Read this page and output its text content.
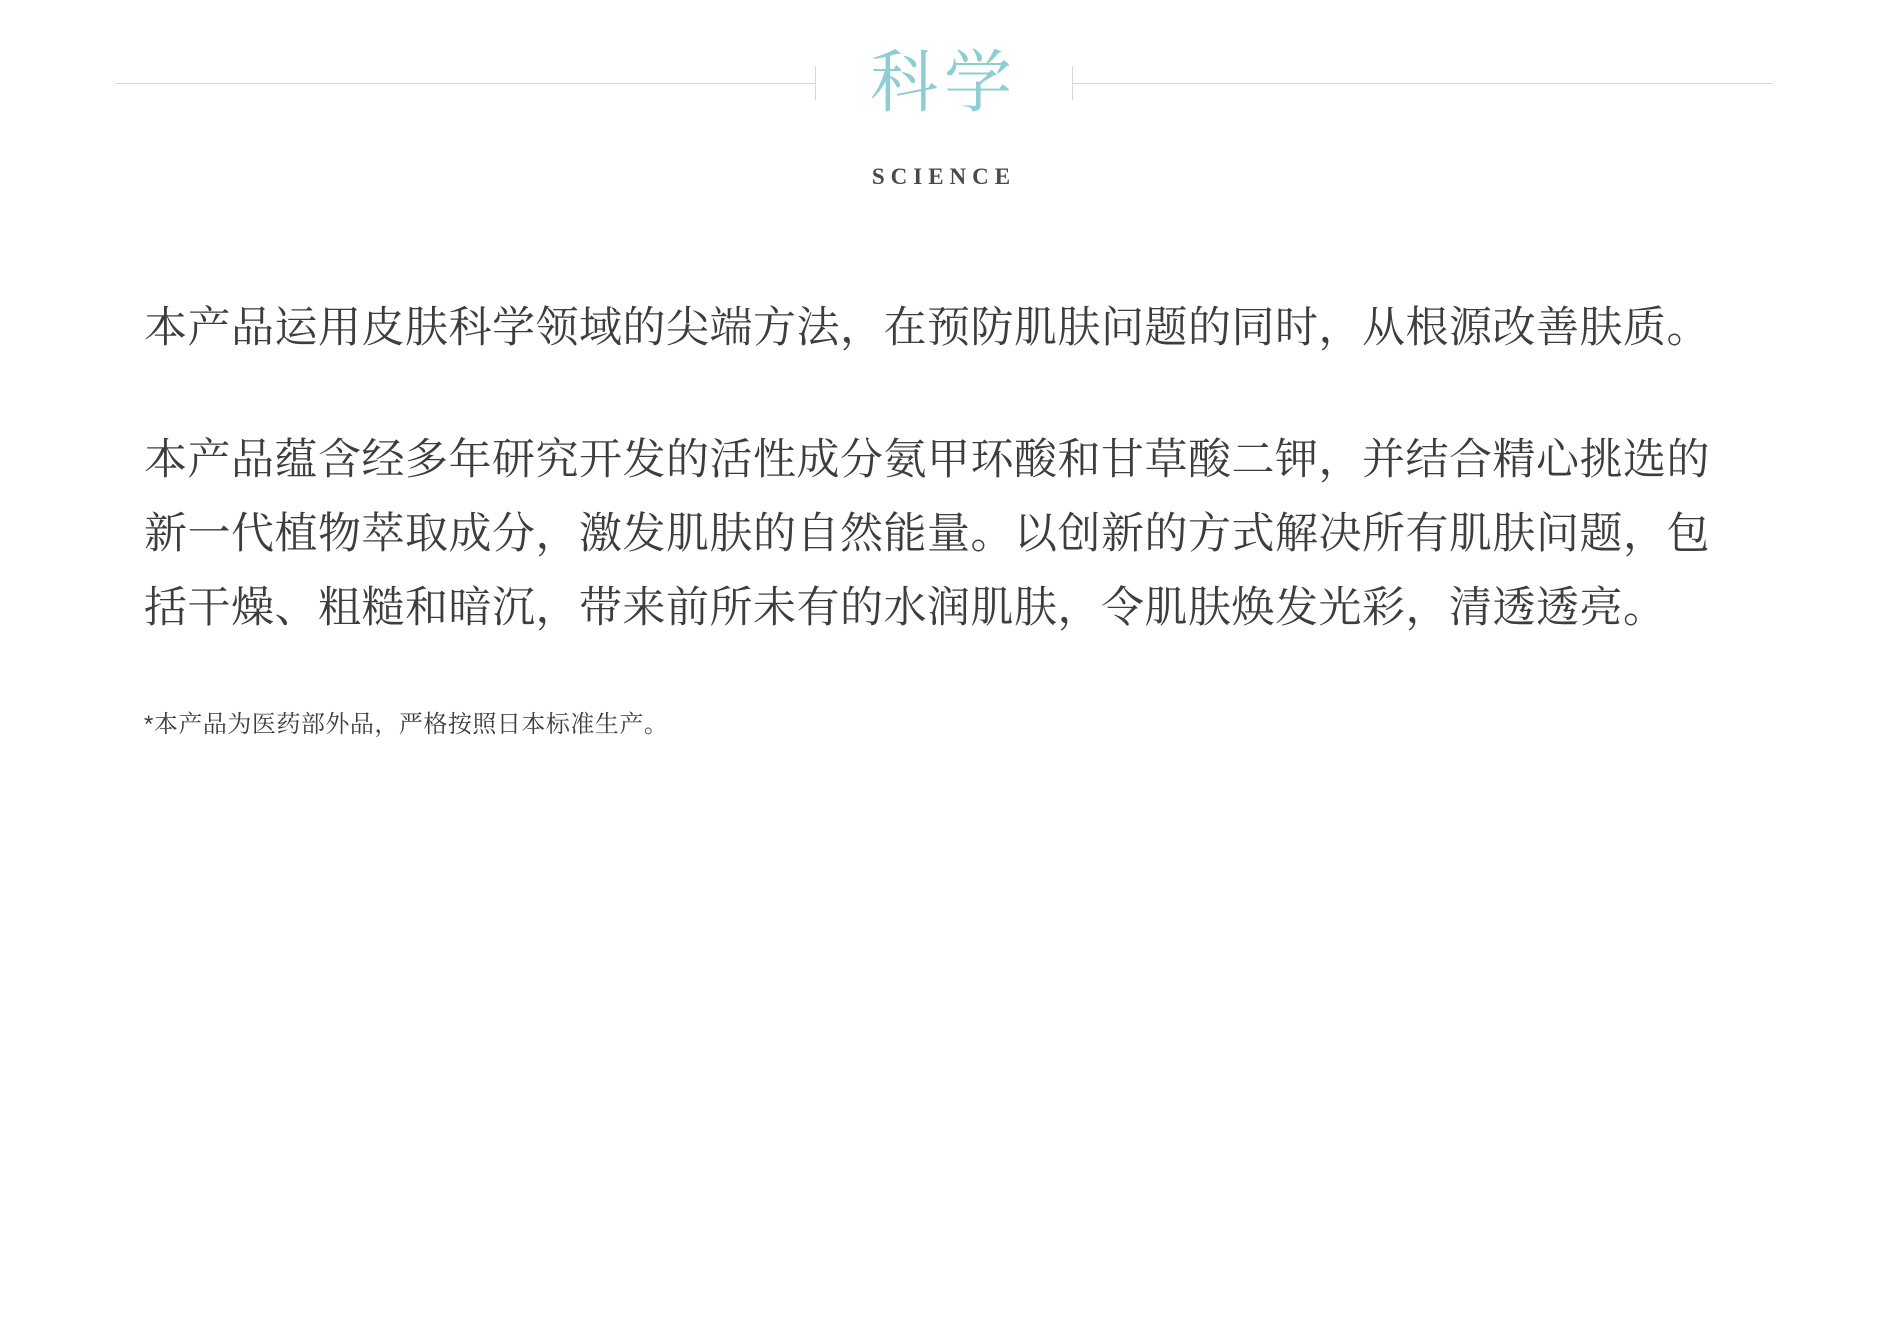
科学
SCIENCE

本产品运用皮肤科学领域的尖端方法，在预防肌肤问题的同时，从根源改善肤质。

本产品蕴含经多年研究开发的活性成分氨甲环酸和甘草酸二钾，并结合精心挑选的新一代植物萃取成分，激发肌肤的自然能量。以创新的方式解决所有肌肤问题，包括干燥、粗糙和暗沉，带来前所未有的水润肌肤，令肌肤焕发光彩，清透透亮。

*本产品为医药部外品，严格按照日本标准生产。
